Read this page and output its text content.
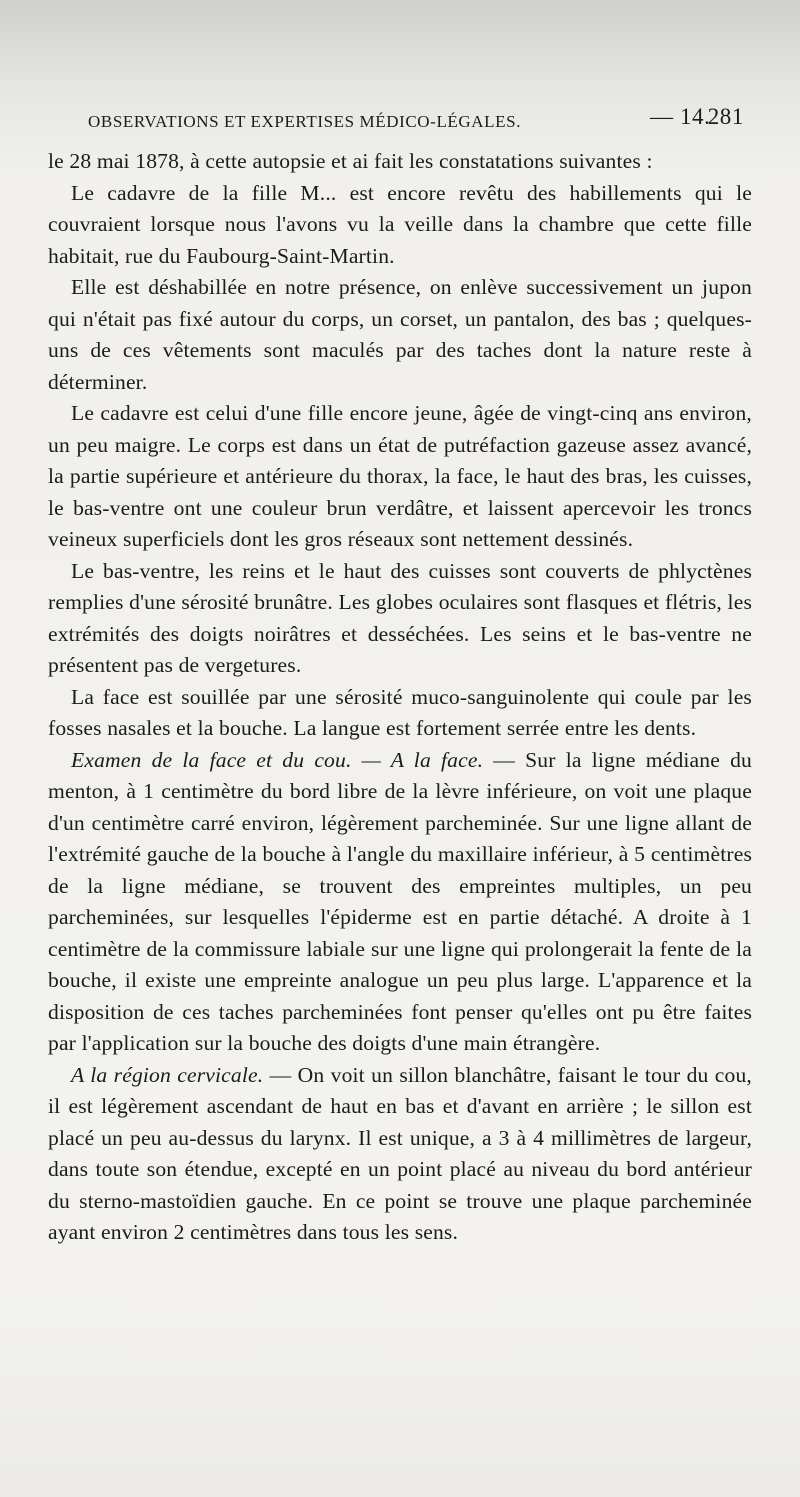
OBSERVATIONS ET EXPERTISES MÉDICO-LÉGALES.	— 14.
281

le 28 mai 1878, à cette autopsie et ai fait les constatations suivantes :

Le cadavre de la fille M... est encore revêtu des habillements qui le couvraient lorsque nous l'avons vu la veille dans la chambre que cette fille habitait, rue du Faubourg-Saint-Martin.

Elle est déshabillée en notre présence, on enlève successivement un jupon qui n'était pas fixé autour du corps, un corset, un pantalon, des bas ; quelques-uns de ces vêtements sont maculés par des taches dont la nature reste à déterminer.

Le cadavre est celui d'une fille encore jeune, âgée de vingt-cinq ans environ, un peu maigre. Le corps est dans un état de putréfaction gazeuse assez avancé, la partie supérieure et antérieure du thorax, la face, le haut des bras, les cuisses, le bas-ventre ont une couleur brun verdâtre, et laissent apercevoir les troncs veineux superficiels dont les gros réseaux sont nettement dessinés.

Le bas-ventre, les reins et le haut des cuisses sont couverts de phlyctènes remplies d'une sérosité brunâtre. Les globes oculaires sont flasques et flétris, les extrémités des doigts noirâtres et desséchées. Les seins et le bas-ventre ne présentent pas de vergetures.

La face est souillée par une sérosité muco-sanguinolente qui coule par les fosses nasales et la bouche. La langue est fortement serrée entre les dents.

Examen de la face et du cou. — A la face. — Sur la ligne médiane du menton, à 1 centimètre du bord libre de la lèvre inférieure, on voit une plaque d'un centimètre carré environ, légèrement parcheminée. Sur une ligne allant de l'extrémité gauche de la bouche à l'angle du maxillaire inférieur, à 5 centimètres de la ligne médiane, se trouvent des empreintes multiples, un peu parcheminées, sur lesquelles l'épiderme est en partie détaché. A droite à 1 centimètre de la commissure labiale sur une ligne qui prolongerait la fente de la bouche, il existe une empreinte analogue un peu plus large. L'apparence et la disposition de ces taches parcheminées font penser qu'elles ont pu être faites par l'application sur la bouche des doigts d'une main étrangère.

A la région cervicale. — On voit un sillon blanchâtre, faisant le tour du cou, il est légèrement ascendant de haut en bas et d'avant en arrière ; le sillon est placé un peu au-dessus du larynx. Il est unique, a 3 à 4 millimètres de largeur, dans toute son étendue, excepté en un point placé au niveau du bord antérieur du sterno-mastoïdien gauche. En ce point se trouve une plaque parcheminée ayant environ 2 centimètres dans tous les sens.
